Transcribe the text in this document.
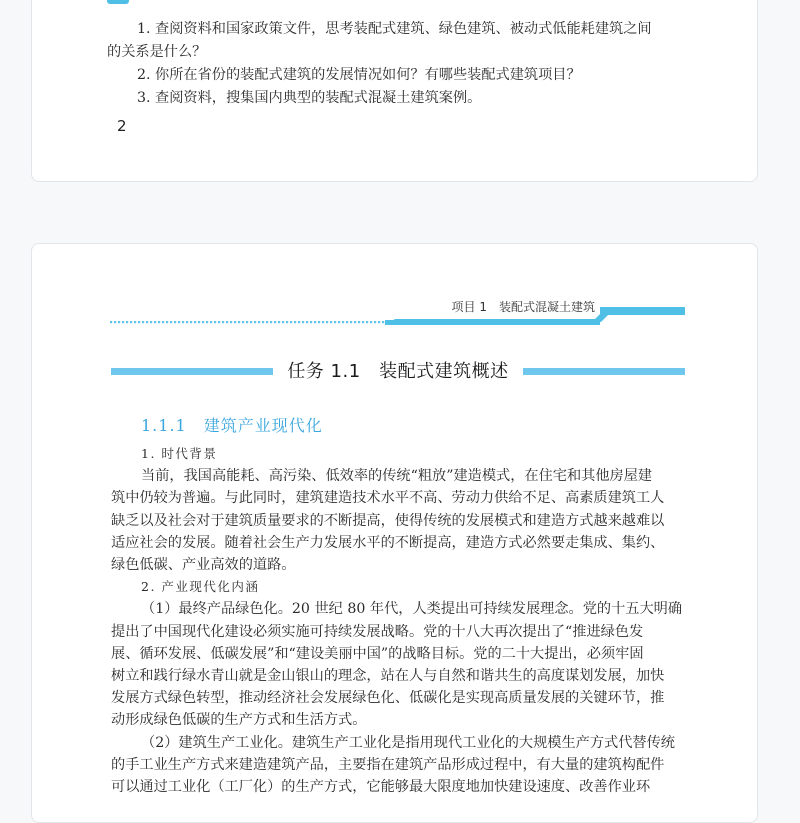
1. 查阅资料和国家政策文件，思考装配式建筑、绿色建筑、被动式低能耗建筑之间

的关系是什么？

2. 你所在省份的装配式建筑的发展情况如何？有哪些装配式建筑项目？

3. 查阅资料，搜集国内典型的装配式混凝土建筑案例。

2
项目 1　装配式混凝土建筑
任务 1.1　装配式建筑概述
1.1.1　建筑产业现代化

1. 时代背景

当前，我国高能耗、高污染、低效率的传统“粗放”建造模式，在住宅和其他房屋建

筑中仍较为普遍。与此同时，建筑建造技术水平不高、劳动力供给不足、高素质建筑工人

缺乏以及社会对于建筑质量要求的不断提高，使得传统的发展模式和建造方式越来越难以

适应社会的发展。随着社会生产力发展水平的不断提高，建造方式必然要走集成、集约、

绿色低碳、产业高效的道路。

2. 产业现代化内涵

（1）最终产品绿色化。20 世纪 80 年代，人类提出可持续发展理念。党的十五大明确

提出了中国现代化建设必须实施可持续发展战略。党的十八大再次提出了“推进绿色发

展、循环发展、低碳发展”和“建设美丽中国”的战略目标。党的二十大提出，必须牢固

树立和践行绿水青山就是金山银山的理念，站在人与自然和谐共生的高度谋划发展，加快

发展方式绿色转型，推动经济社会发展绿色化、低碳化是实现高质量发展的关键环节，推

动形成绿色低碳的生产方式和生活方式。

（2）建筑生产工业化。建筑生产工业化是指用现代工业化的大规模生产方式代替传统

的手工业生产方式来建造建筑产品，主要指在建筑产品形成过程中，有大量的建筑构配件

可以通过工业化（工厂化）的生产方式，它能够最大限度地加快建设速度、改善作业环
